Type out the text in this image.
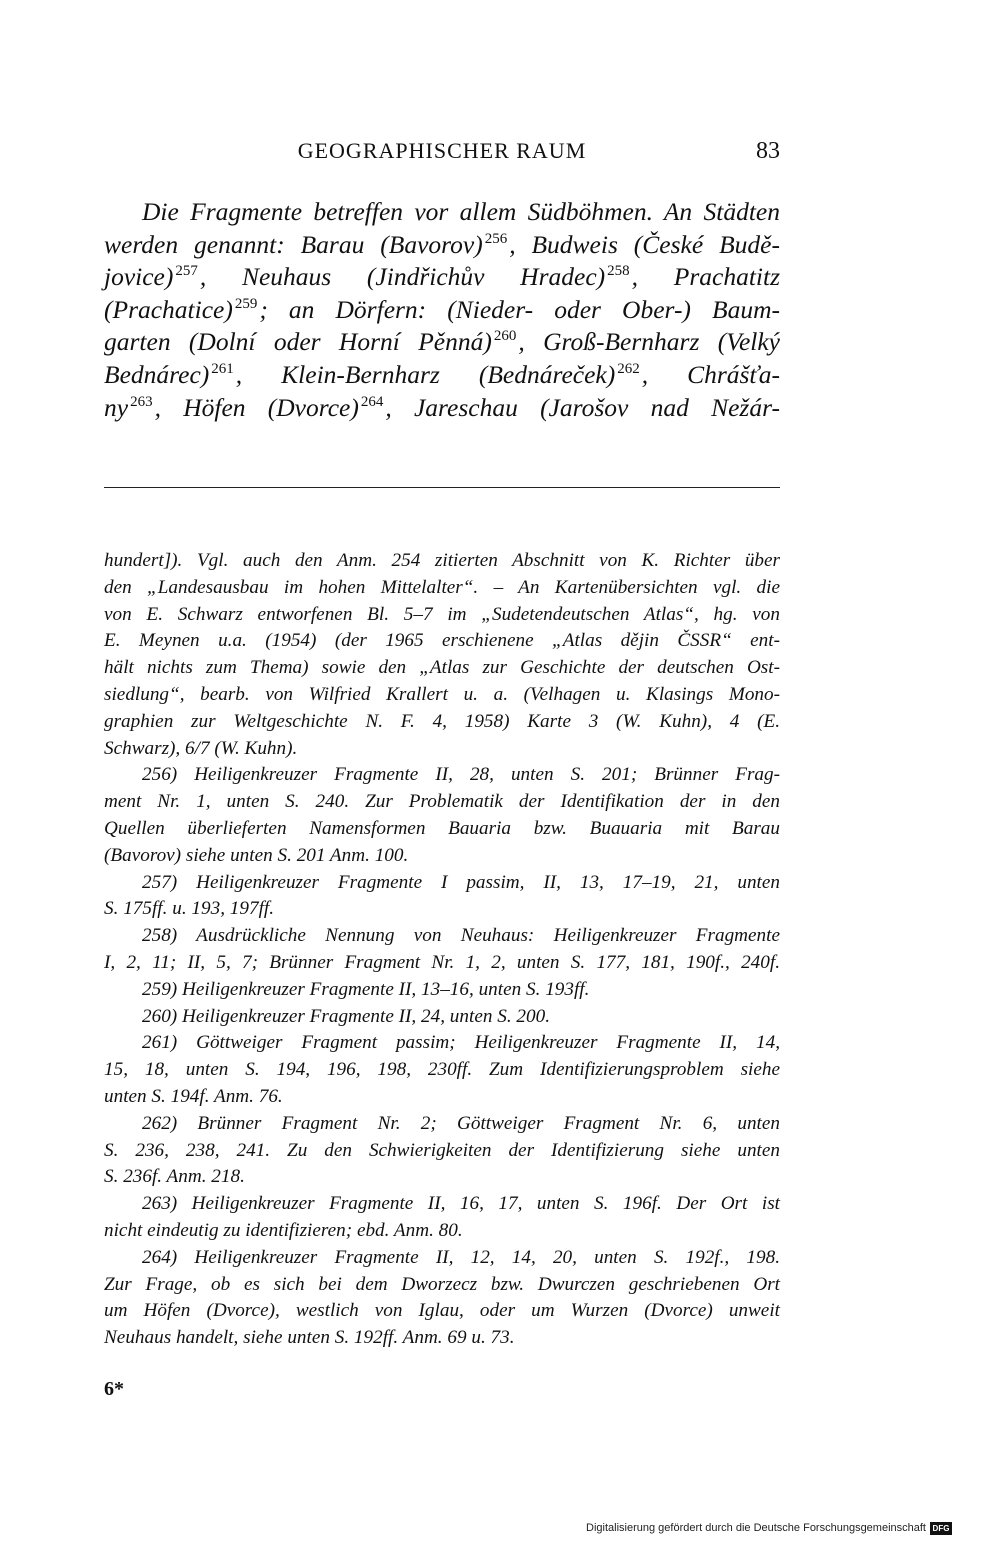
GEOGRAPHISCHER RAUM	83
Die Fragmente betreffen vor allem Südböhmen. An Städten
werden genannt: Barau (Bavorov) $^{256}$, Budweis (České Budě-
jovice) $^{257}$, Neuhaus (Jindřichův Hradec) $^{258}$, Prachatitz
(Prachatice) $^{259}$; an Dörfern: (Nieder- oder Ober-) Baum-
garten (Dolní oder Horní Pěnná) $^{260}$, Groß-Bernharz (Velký
Bednárec) $^{261}$, Klein-Bernharz (Bednáreček) $^{262}$, Chrášťa-
ny $^{263}$, Höfen (Dvorce) $^{264}$, Jareschau (Jarošov nad Nežár-
hundert]). Vgl. auch den Anm. 254 zitierten Abschnitt von K. Richter über
den „Landesausbau im hohen Mittelalter“. – An Kartenübersichten vgl. die
von E. Schwarz entworfenen Bl. 5–7 im „Sudetendeutschen Atlas“, hg. von
E. Meynen u.a. (1954) (der 1965 erschienene „Atlas dějin ČSSR“ ent-
hält nichts zum Thema) sowie den „Atlas zur Geschichte der deutschen Ost-
siedlung“, bearb. von Wilfried Krallert u. a. (Velhagen u. Klasings Mono-
graphien zur Weltgeschichte N. F. 4, 1958) Karte 3 (W. Kuhn), 4 (E.
Schwarz), 6/7 (W. Kuhn).
256) Heiligenkreuzer Fragmente II, 28, unten S. 201; Brünner Frag-
ment Nr. 1, unten S. 240. Zur Problematik der Identifikation der in den
Quellen überlieferten Namensformen Bauaria bzw. Buauaria mit Barau
(Bavorov) siehe unten S. 201 Anm. 100.
257) Heiligenkreuzer Fragmente I passim, II, 13, 17–19, 21, unten
S. 175ff. u. 193, 197ff.
258) Ausdrückliche Nennung von Neuhaus: Heiligenkreuzer Fragmente
I, 2, 11; II, 5, 7; Brünner Fragment Nr. 1, 2, unten S. 177, 181, 190f., 240f.
259) Heiligenkreuzer Fragmente II, 13–16, unten S. 193ff.
260) Heiligenkreuzer Fragmente II, 24, unten S. 200.
261) Göttweiger Fragment passim; Heiligenkreuzer Fragmente II, 14,
15, 18, unten S. 194, 196, 198, 230ff. Zum Identifizierungsproblem siehe
unten S. 194f. Anm. 76.
262) Brünner Fragment Nr. 2; Göttweiger Fragment Nr. 6, unten
S. 236, 238, 241. Zu den Schwierigkeiten der Identifizierung siehe unten
S. 236f. Anm. 218.
263) Heiligenkreuzer Fragmente II, 16, 17, unten S. 196f. Der Ort ist
nicht eindeutig zu identifizieren; ebd. Anm. 80.
264) Heiligenkreuzer Fragmente II, 12, 14, 20, unten S. 192f., 198.
Zur Frage, ob es sich bei dem Dworzecz bzw. Dwurczen geschriebenen Ort
um Höfen (Dvorce), westlich von Iglau, oder um Wurzen (Dvorce) unweit
Neuhaus handelt, siehe unten S. 192ff. Anm. 69 u. 73.
6*
Digitalisierung gefördert durch die Deutsche Forschungsgemeinschaft DFG
